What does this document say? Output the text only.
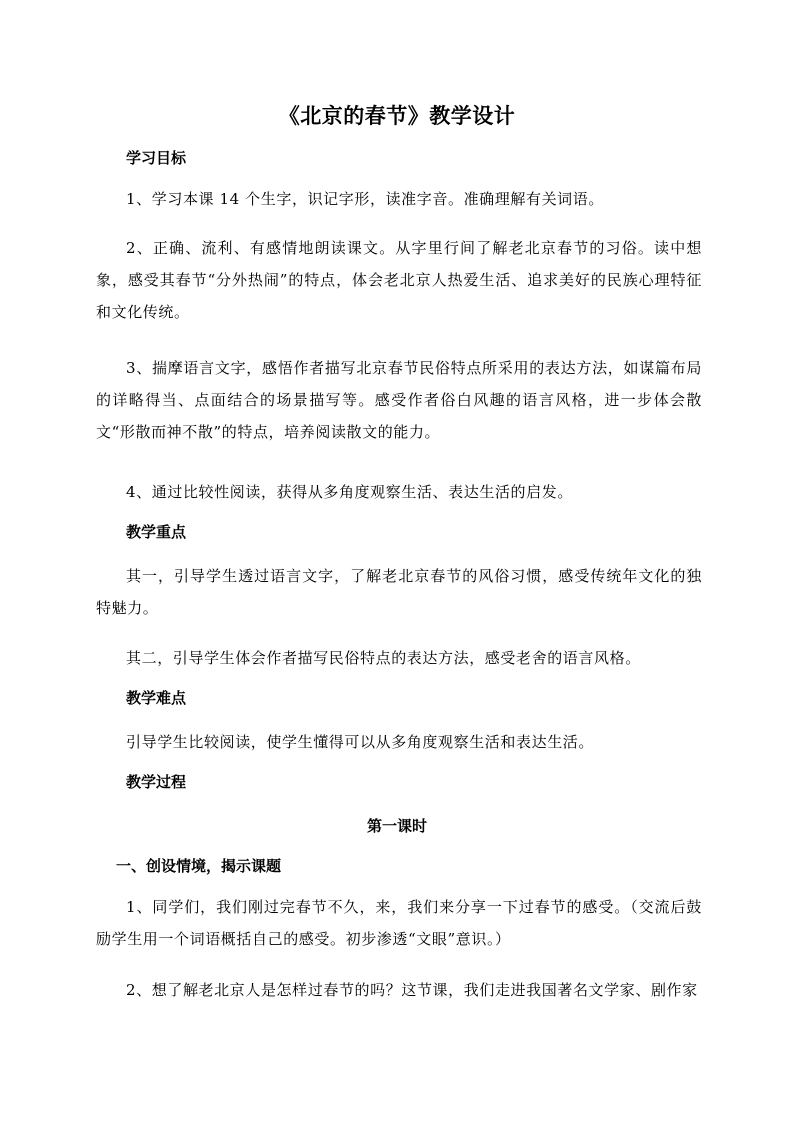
《北京的春节》教学设计
学习目标
1、学习本课 14 个生字，识记字形，读准字音。准确理解有关词语。
2、正确、流利、有感情地朗读课文。从字里行间了解老北京春节的习俗。读中想象，感受其春节“分外热闹”的特点，体会老北京人热爱生活、追求美好的民族心理特征和文化传统。
3、揣摩语言文字，感悟作者描写北京春节民俗特点所采用的表达方法，如谋篇布局的详略得当、点面结合的场景描写等。感受作者俗白风趣的语言风格，进一步体会散文“形散而神不散”的特点，培养阅读散文的能力。
4、通过比较性阅读，获得从多角度观察生活、表达生活的启发。
教学重点
其一，引导学生透过语言文字，了解老北京春节的风俗习惯，感受传统年文化的独特魅力。
其二，引导学生体会作者描写民俗特点的表达方法，感受老舍的语言风格。
教学难点
引导学生比较阅读，使学生懂得可以从多角度观察生活和表达生活。
教学过程
第一课时
一、创设情境，揭示课题
1、同学们，我们刚过完春节不久，来，我们来分享一下过春节的感受。（交流后鼓励学生用一个词语概括自己的感受。初步渗透“文眼”意识。）
2、想了解老北京人是怎样过春节的吗？这节课，我们走进我国著名文学家、剧作家
